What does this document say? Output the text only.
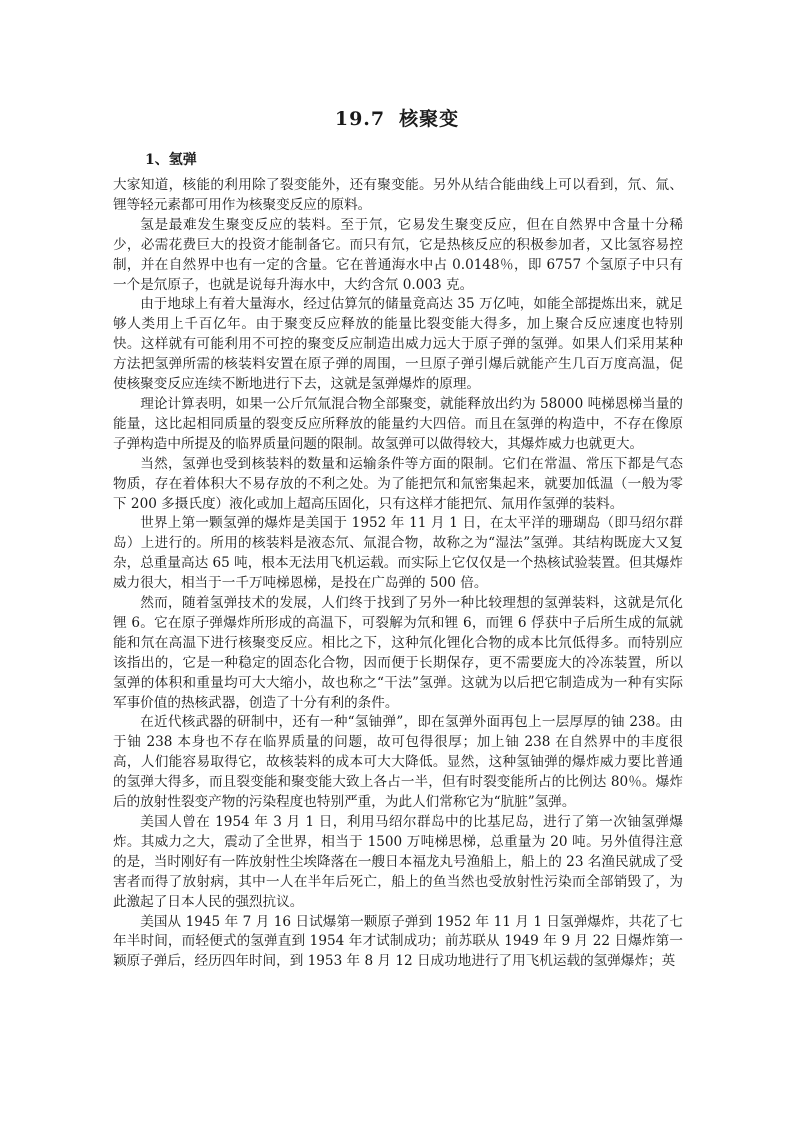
19.7 核聚变
1、氢弹

大家知道，核能的利用除了裂变能外，还有聚变能。另外从结合能曲线上可以看到，氘、氚、锂等轻元素都可用作为核聚变反应的原料。

氢是最难发生聚变反应的装料。至于氘，它易发生聚变反应，但在自然界中含量十分稀少，必需花费巨大的投资才能制备它。而只有氘，它是热核反应的积极参加者，又比氢容易控制，并在自然界中也有一定的含量。它在普通海水中占 0.0148％，即 6757 个氢原子中只有一个是氘原子，也就是说每升海水中，大约含氘 0.003 克。

由于地球上有着大量海水，经过估算氘的储量竟高达 35 万亿吨，如能全部提炼出来，就足够人类用上千百亿年。由于聚变反应释放的能量比裂变能大得多，加上聚合反应速度也特别快。这样就有可能利用不可控的聚变反应制造出威力远大于原子弹的氢弹。如果人们采用某种方法把氢弹所需的核装料安置在原子弹的周围，一旦原子弹引爆后就能产生几百万度高温，促使核聚变反应连续不断地进行下去，这就是氢弹爆炸的原理。

理论计算表明，如果一公斤氘氚混合物全部聚变，就能释放出约为 58000 吨梯恩梯当量的能量，这比起相同质量的裂变反应所释放的能量约大四倍。而且在氢弹的构造中，不存在像原子弹构造中所提及的临界质量问题的限制。故氢弹可以做得较大，其爆炸威力也就更大。

当然，氢弹也受到核装料的数量和运输条件等方面的限制。它们在常温、常压下都是气态物质，存在着体积大不易存放的不利之处。为了能把氘和氚密集起来，就要加低温（一般为零下 200 多摄氏度）液化或加上超高压固化，只有这样才能把氘、氚用作氢弹的装料。

世界上第一颗氢弹的爆炸是美国于 1952 年 11 月 1 日，在太平洋的珊瑚岛（即马绍尔群岛）上进行的。所用的核装料是液态氘、氚混合物，故称之为“湿法”氢弹。其结构既庞大又复杂，总重量高达 65 吨，根本无法用飞机运载。而实际上它仅仅是一个热核试验装置。但其爆炸威力很大，相当于一千万吨梯恩梯，是投在广岛弹的 500 倍。

然而，随着氢弹技术的发展，人们终于找到了另外一种比较理想的氢弹装料，这就是氘化锂 6。它在原子弹爆炸所形成的高温下，可裂解为氘和锂 6，而锂 6 俘获中子后所生成的氚就能和氘在高温下进行核聚变反应。相比之下，这种氘化锂化合物的成本比氘低得多。而特别应该指出的，它是一种稳定的固态化合物，因而便于长期保存，更不需要庞大的冷冻装置，所以氢弹的体积和重量均可大大缩小，故也称之“干法”氢弹。这就为以后把它制造成为一种有实际军事价值的热核武器，创造了十分有利的条件。

在近代核武器的研制中，还有一种“氢铀弹”，即在氢弹外面再包上一层厚厚的铀 238。由于铀 238 本身也不存在临界质量的问题，故可包得很厚；加上铀 238 在自然界中的丰度很高，人们能容易取得它，故核装料的成本可大大降低。显然，这种氢铀弹的爆炸威力要比普通的氢弹大得多，而且裂变能和聚变能大致上各占一半，但有时裂变能所占的比例达 80％。爆炸后的放射性裂变产物的污染程度也特别严重，为此人们常称它为“肮脏”氢弹。

美国人曾在 1954 年 3 月 1 日，利用马绍尔群岛中的比基尼岛，进行了第一次铀氢弹爆炸。其威力之大，震动了全世界，相当于 1500 万吨梯思梯，总重量为 20 吨。另外值得注意的是，当时刚好有一阵放射性尘埃降落在一艘日本福龙丸号渔船上，船上的 23 名渔民就成了受害者而得了放射病，其中一人在半年后死亡，船上的鱼当然也受放射性污染而全部销毁了，为此激起了日本人民的强烈抗议。

美国从 1945 年 7 月 16 日试爆第一颗原子弹到 1952 年 11 月 1 日氢弹爆炸，共花了七年半时间，而轻便式的氢弹直到 1954 年才试制成功；前苏联从 1949 年 9 月 22 日爆炸第一颖原子弹后，经历四年时间，到 1953 年 8 月 12 日成功地进行了用飞机运载的氢弹爆炸；英
